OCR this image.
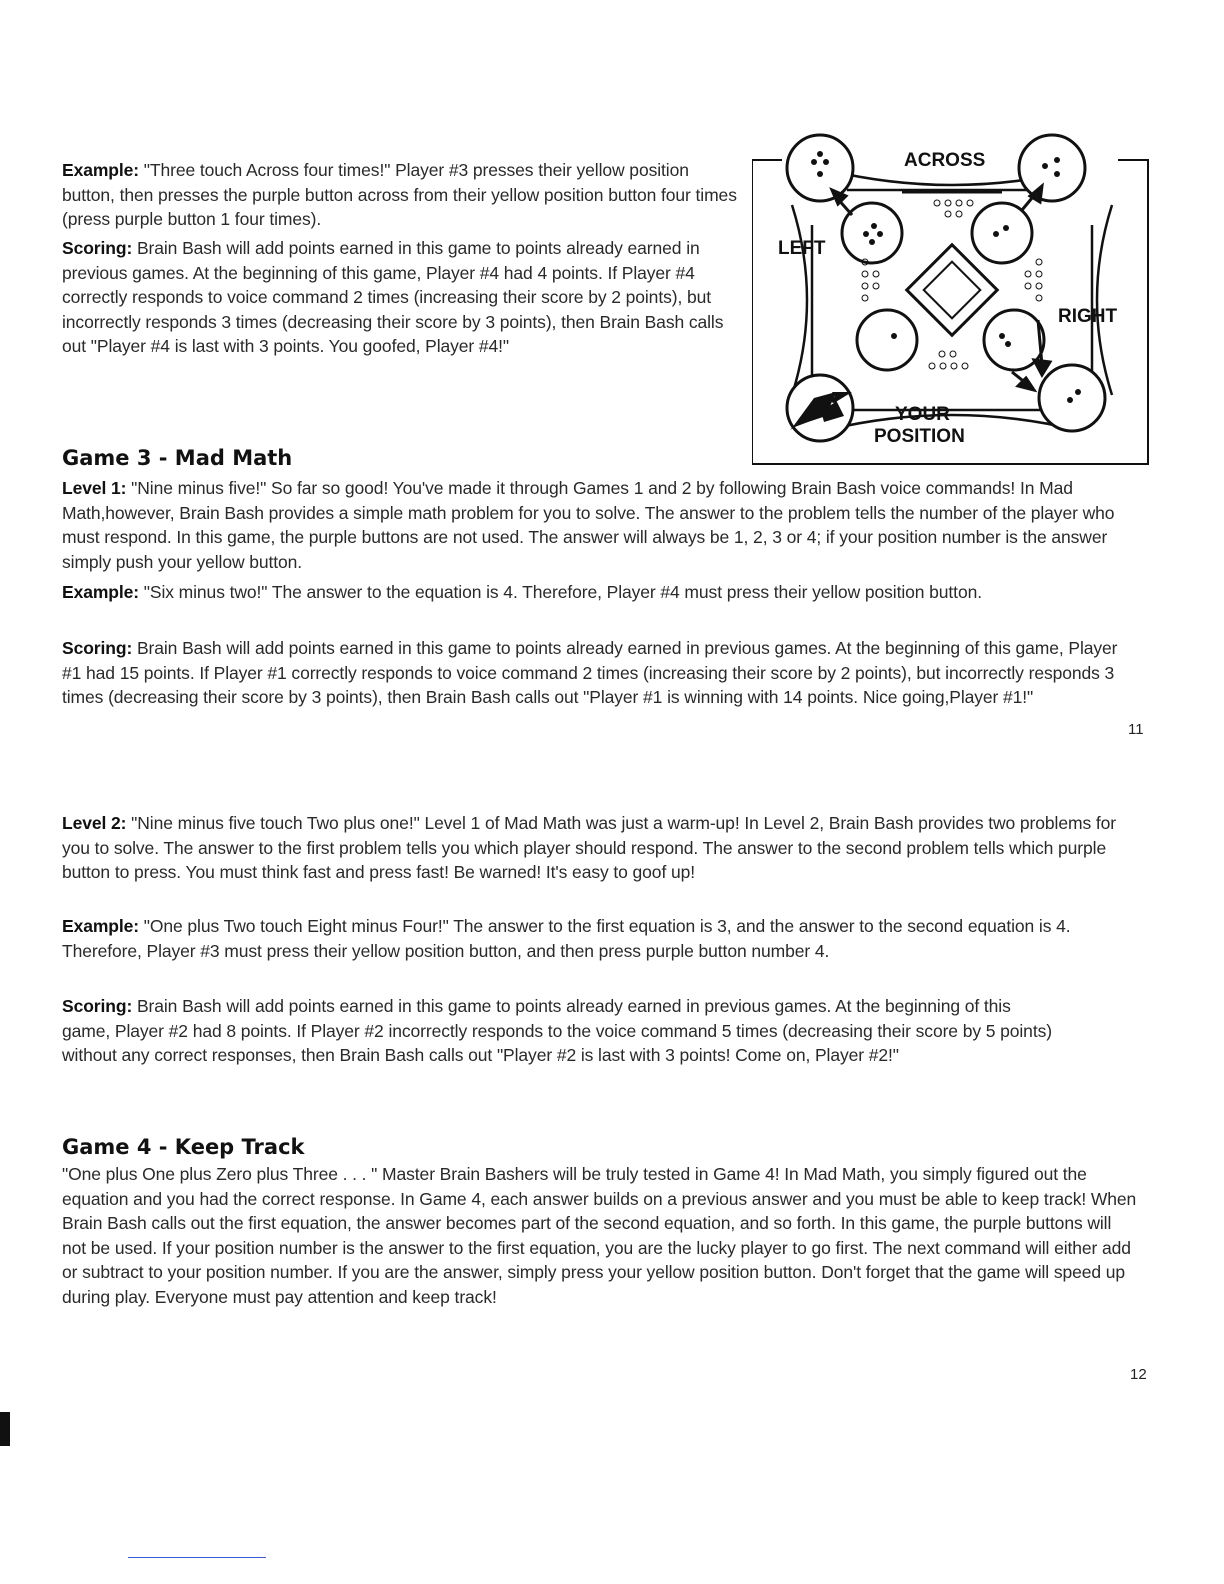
Example: "Three touch Across four times!" Player #3 presses their yellow position button, then presses the purple button across from their yellow position button four times (press purple button 1 four times).
Scoring: Brain Bash will add points earned in this game to points already earned in previous games. At the beginning of this game, Player #4 had 4 points. If Player #4 correctly responds to voice command 2 times (increasing their score by 2 points), but incorrectly responds 3 times (decreasing their score by 3 points), then Brain Bash calls out "Player #4 is last with 3 points. You goofed, Player #4!"
ACROSS
LEFT
RIGHT
YOUR
POSITION
Game 3 - Mad Math
Level 1: "Nine minus five!" So far so good! You've made it through Games 1 and 2 by following Brain Bash voice commands! In Mad Math,however, Brain Bash provides a simple math problem for you to solve. The answer to the problem tells the number of the player who must respond. In this game, the purple buttons are not used. The answer will always be 1, 2, 3 or 4; if your position number is the answer simply push your yellow button.
Example: "Six minus two!" The answer to the equation is 4. Therefore, Player #4 must press their yellow position button.
Scoring: Brain Bash will add points earned in this game to points already earned in previous games. At the beginning of this game, Player #1 had 15 points. If Player #1 correctly responds to voice command 2 times (increasing their score by 2 points), but incorrectly responds 3 times (decreasing their score by 3 points), then Brain Bash calls out "Player #1 is winning with 14 points. Nice going,Player #1!"
11
Level 2: "Nine minus five touch Two plus one!" Level 1 of Mad Math was just a warm-up! In Level 2, Brain Bash provides two problems for you to solve. The answer to the first problem tells you which player should respond. The answer to the second problem tells which purple button to press. You must think fast and press fast! Be warned! It's easy to goof up!
Example: "One plus Two touch Eight minus Four!" The answer to the first equation is 3, and the answer to the second equation is 4. Therefore, Player #3 must press their yellow position button, and then press purple button number 4.
Scoring: Brain Bash will add points earned in this game to points already earned in previous games. At the beginning of this game, Player #2 had 8 points. If Player #2 incorrectly responds to the voice command 5 times (decreasing their score by 5 points) without any correct responses, then Brain Bash calls out "Player #2 is last with 3 points! Come on, Player #2!"
Game 4 - Keep Track
"One plus One plus Zero plus Three . . . " Master Brain Bashers will be truly tested in Game 4! In Mad Math, you simply figured out the equation and you had the correct response. In Game 4, each answer builds on a previous answer and you must be able to keep track! When Brain Bash calls out the first equation, the answer becomes part of the second equation, and so forth. In this game, the purple buttons will not be used. If your position number is the answer to the first equation, you are the lucky player to go first. The next command will either add or subtract to your position number. If you are the answer, simply press your yellow position button. Don't forget that the game will speed up during play. Everyone must pay attention and keep track!
12
